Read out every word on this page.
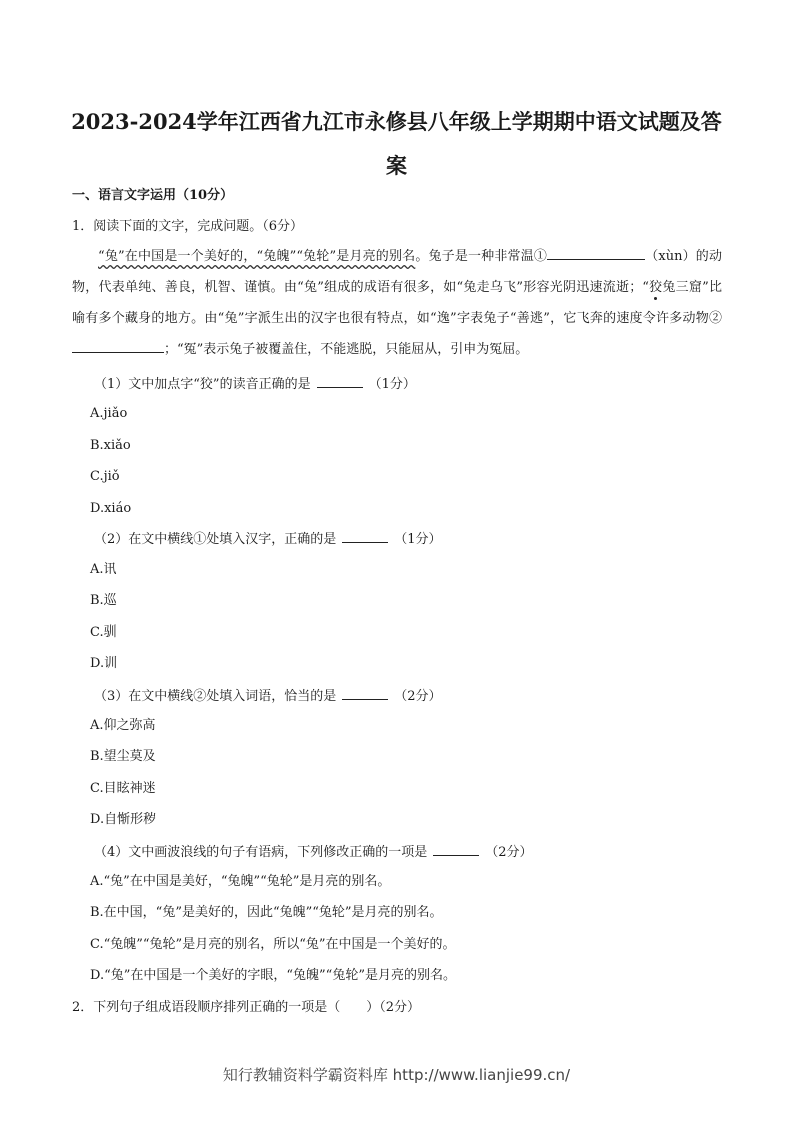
2023-2024学年江西省九江市永修县八年级上学期期中语文试题及答案
一、语言文字运用（10分）
1．阅读下面的文字，完成问题。（6分）
“兔”在中国是一个美好的，“兔魄”“兔轮”是月亮的别名。兔子是一种非常温①	（xùn）的动物，代表单纯、善良，机智、谨慎。由“兔”组成的成语有很多，如“兔走乌飞”形容光阴迅速流逝；“狡兔三窟”比喻有多个藏身的地方。由“兔”字派生出的汉字也很有特点，如“逸”字表兔子“善逃”，它飞奔的速度令许多动物②；“冤”表示兔子被覆盖住，不能逃脱，只能屈从，引申为冤屈。
（1）文中加点字“狡”的读音正确的是	（1分）
A.jiǎo
B.xiǎo
C.jiǒ
D.xiáo
（2）在文中横线①处填入汉字，正确的是	（1分）
A.讯
B.巡
C.驯
D.训
（3）在文中横线②处填入词语，恰当的是	（2分）
A.仰之弥高
B.望尘莫及
C.目眩神迷
D.自惭形秽
（4）文中画波浪线的句子有语病，下列修改正确的一项是	（2分）
A.“兔”在中国是美好，“兔魄”“兔轮”是月亮的别名。
B.在中国，“兔”是美好的，因此“兔魄”“兔轮”是月亮的别名。
C.“兔魄”“兔轮”是月亮的别名，所以“兔”在中国是一个美好的。
D.“兔”在中国是一个美好的字眼，“兔魄”“兔轮”是月亮的别名。
2．下列句子组成语段顺序排列正确的一项是（　　）（2分）
知行教辅资料学霸资料库 http://www.lianjie99.cn/
